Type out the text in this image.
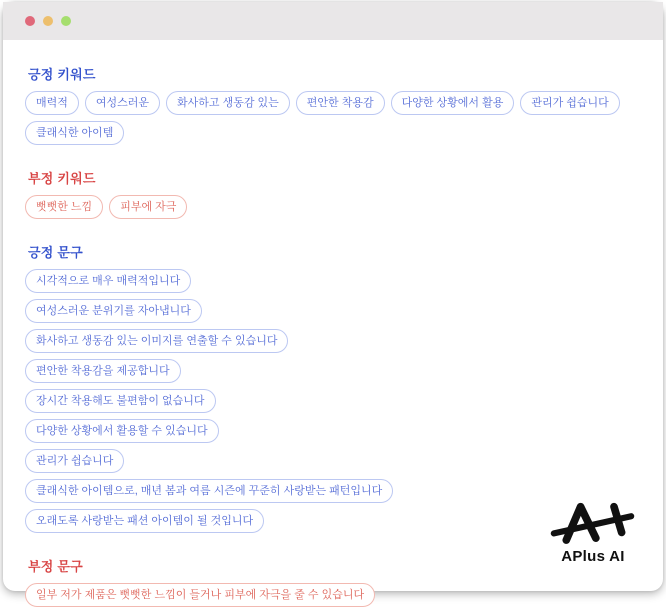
긍정 키워드
매력적	여성스러운	화사하고 생동감 있는	편안한 착용감	다양한 상황에서 활용	관리가 쉽습니다
클래식한 아이템
부정 키워드
뻣뻣한 느낌	피부에 자극
긍정 문구
시각적으로 매우 매력적입니다
여성스러운 분위기를 자아냅니다
화사하고 생동감 있는 이미지를 연출할 수 있습니다
편안한 착용감을 제공합니다
장시간 착용해도 불편함이 없습니다
다양한 상황에서 활용할 수 있습니다
관리가 쉽습니다
클래식한 아이템으로, 매년 봄과 여름 시즌에 꾸준히 사랑받는 패턴입니다
오래도록 사랑받는 패션 아이템이 될 것입니다
부정 문구
일부 저가 제품은 뻣뻣한 느낌이 들거나 피부에 자극을 줄 수 있습니다
APlus AI
